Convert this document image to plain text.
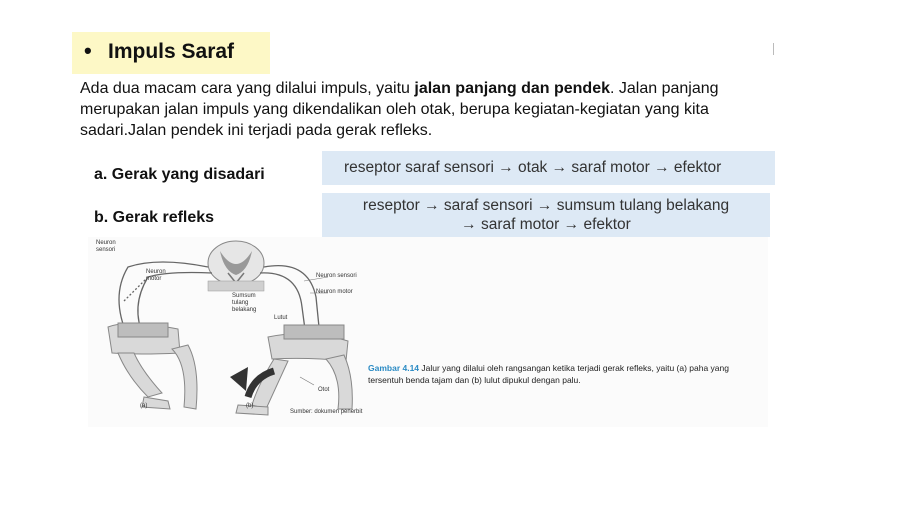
• Impuls Saraf
Ada dua macam cara yang dilalui impuls, yaitu jalan panjang dan pendek. Jalan panjang merupakan jalan impuls yang dikendalikan oleh otak, berupa kegiatan-kegiatan yang kita sadari.Jalan pendek ini terjadi pada gerak refleks.
a. Gerak yang disadari
b. Gerak refleks
reseptor saraf sensori → otak → saraf motor → efektor
reseptor → saraf sensori → sumsum tulang belakang
→ saraf motor → efektor
Neuron sensori
Neuron motor
Sumsum tulang belakang
Neuron sensori
Neuron motor
Lutut
Otot
(a)	(b)
Sumber: dokumen penerbit
Gambar 4.14 Jalur yang dilalui oleh rangsangan ketika terjadi gerak refleks, yaitu (a) paha yang tersentuh benda tajam dan (b) lulut dipukul dengan palu.
